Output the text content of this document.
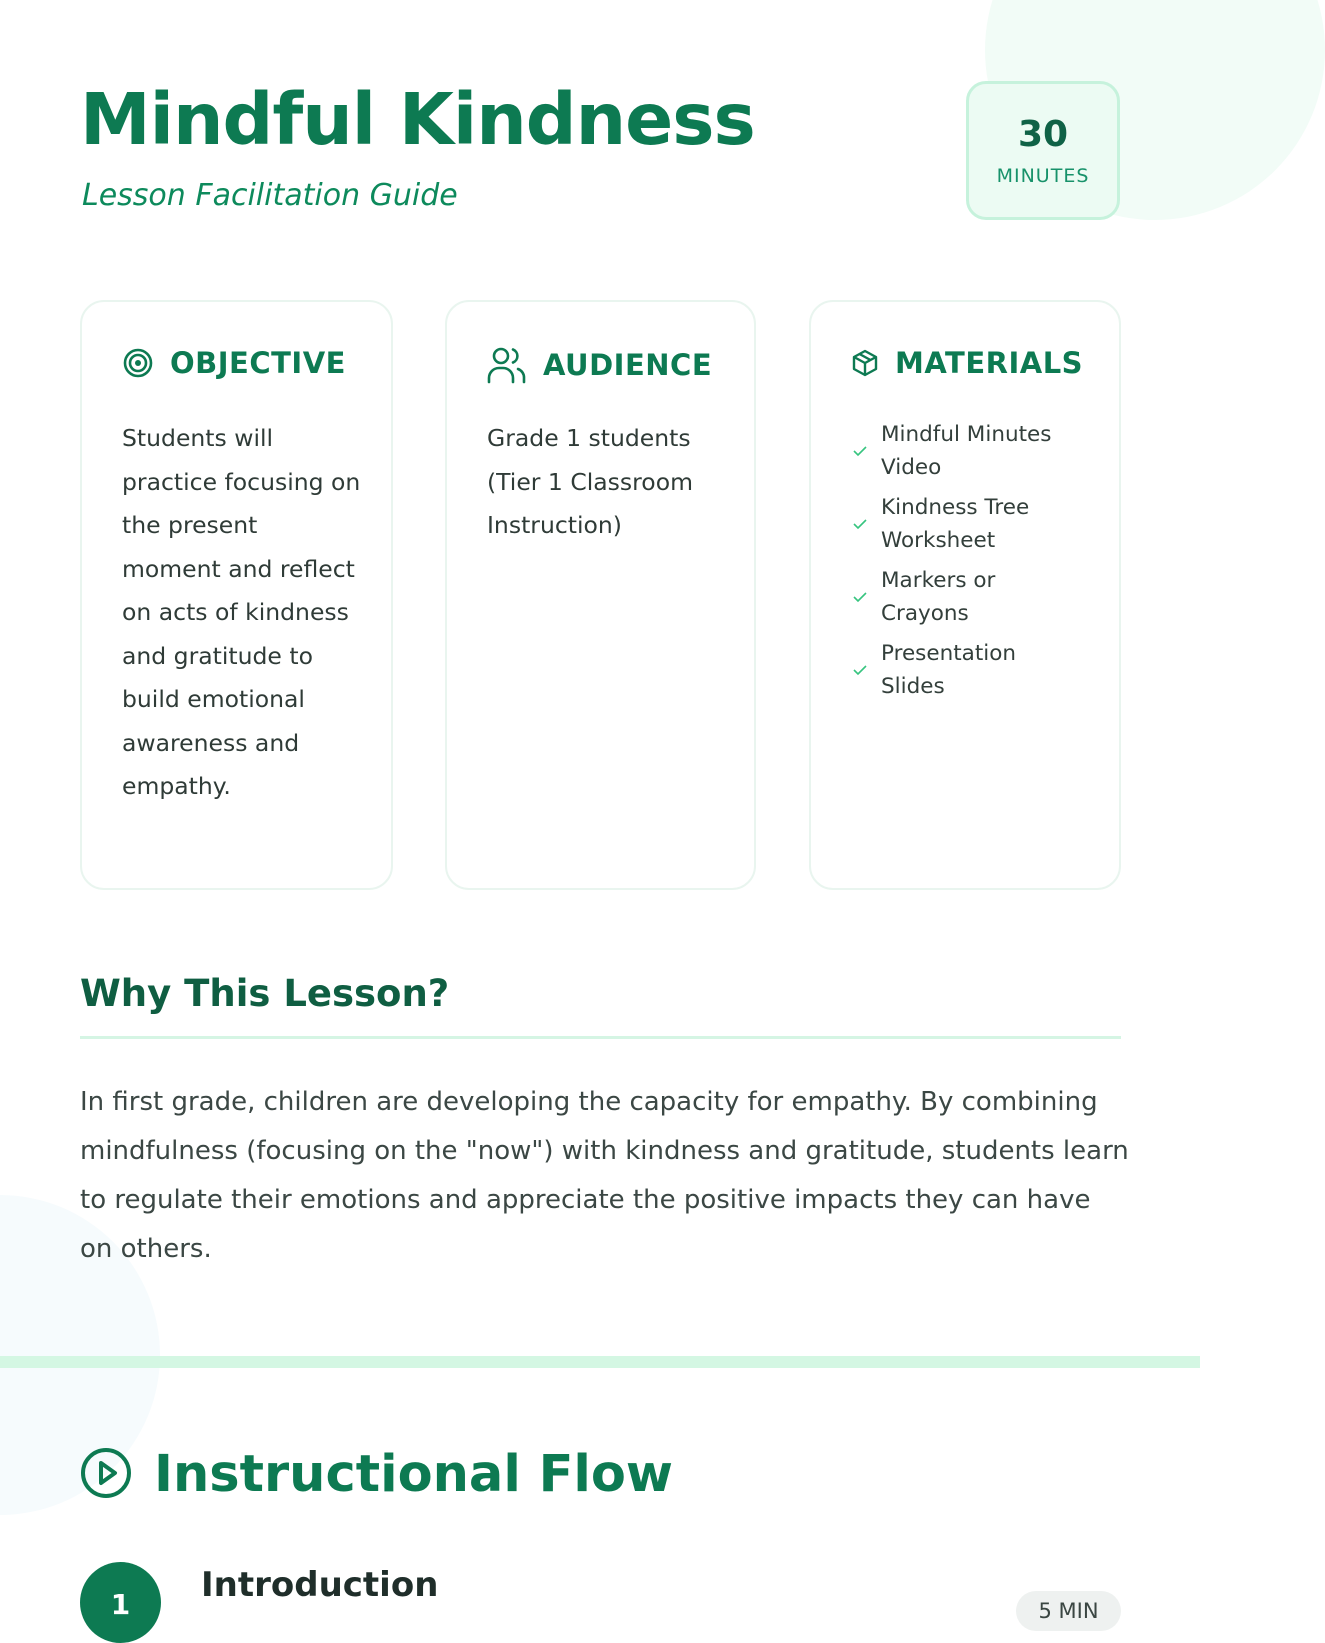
Mindful Kindness
Lesson Facilitation Guide
30
MINUTES
OBJECTIVE
Students will practice focusing on the present moment and reflect on acts of kindness and gratitude to build emotional awareness and empathy.
AUDIENCE
Grade 1 students (Tier 1 Classroom Instruction)
MATERIALS
Mindful Minutes Video
Kindness Tree Worksheet
Markers or Crayons
Presentation Slides
Why This Lesson?

In first grade, children are developing the capacity for empathy. By combining mindfulness (focusing on the "now") with kindness and gratitude, students learn to regulate their emotions and appreciate the positive impacts they can have on others.

Instructional Flow
1	Introduction
5 MIN
